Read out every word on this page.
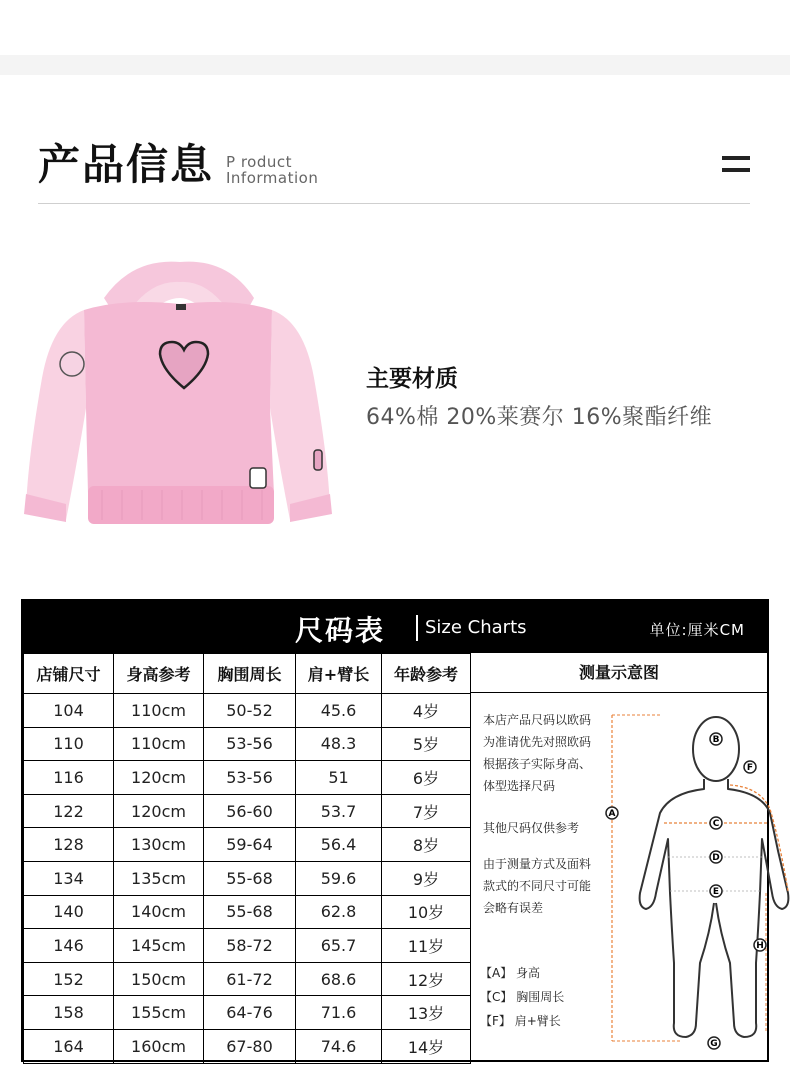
产品信息 P roduct
Information
主要材质
64%棉 20%莱赛尔 16%聚酯纤维
尺码表 Size Charts	单位:厘米CM
店铺尺寸	身高参考	胸围周长	肩+臂长	年龄参考
104	110cm	50-52	45.6	4岁
110	110cm	53-56	48.3	5岁
116	120cm	53-56	51	6岁
122	120cm	56-60	53.7	7岁
128	130cm	59-64	56.4	8岁
134	135cm	55-68	59.6	9岁
140	140cm	55-68	62.8	10岁
146	145cm	58-72	65.7	11岁
152	150cm	61-72	68.6	12岁
158	155cm	64-76	71.6	13岁
164	160cm	67-80	74.6	14岁
测量示意图
本店产品尺码以欧码
为准请优先对照欧码
根据孩子实际身高、
体型选择尺码
其他尺码仅供参考
由于测量方式及面料
款式的不同尺寸可能
会略有误差
【A】 身高
【C】 胸围周长
【F】 肩+臂长
A
B
C
D
E
F
G
H
